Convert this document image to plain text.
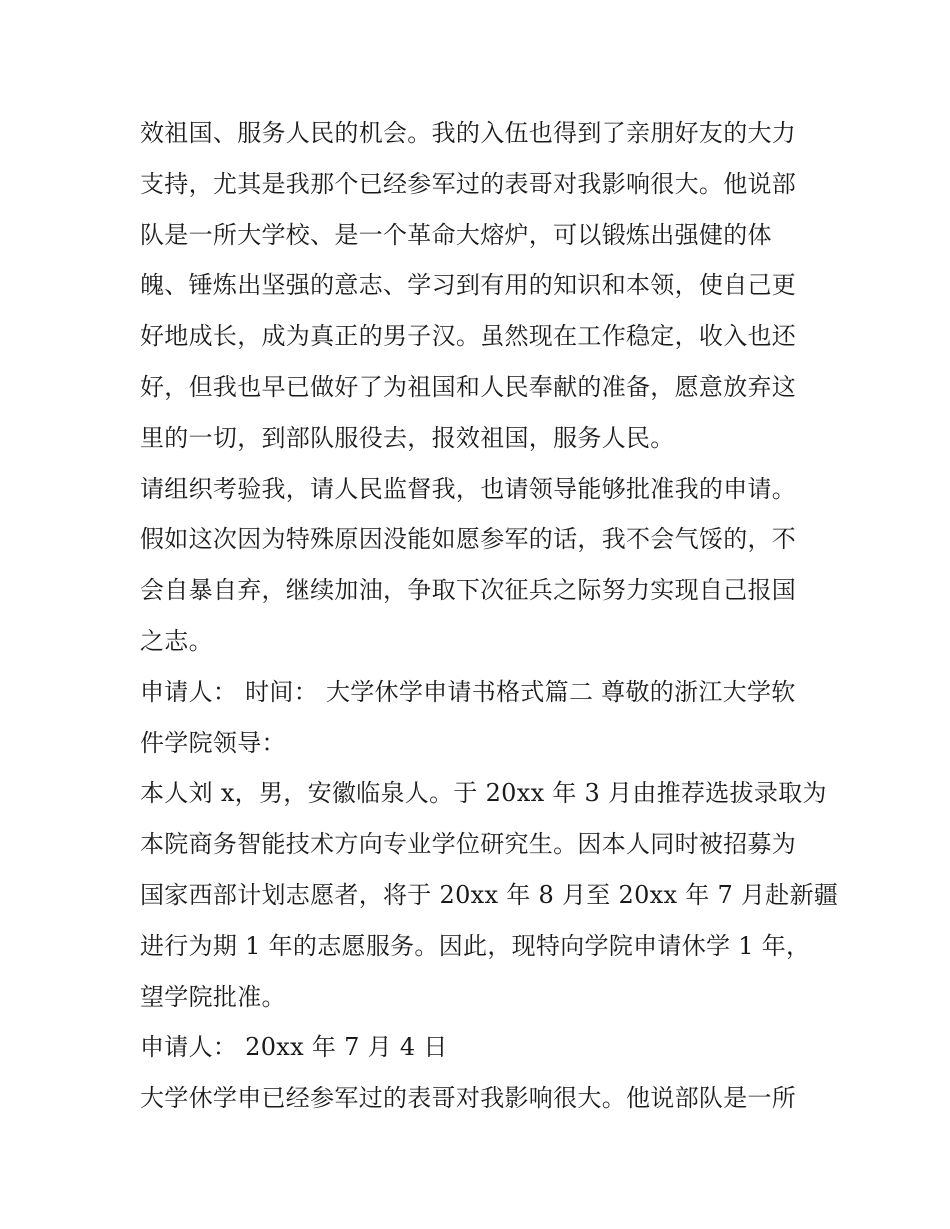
效祖国、服务人民的机会。我的入伍也得到了亲朋好友的大力
支持，尤其是我那个已经参军过的表哥对我影响很大。他说部
队是一所大学校、是一个革命大熔炉，可以锻炼出强健的体
魄、锤炼出坚强的意志、学习到有用的知识和本领，使自己更
好地成长，成为真正的男子汉。虽然现在工作稳定，收入也还
好，但我也早已做好了为祖国和人民奉献的准备，愿意放弃这
里的一切，到部队服役去，报效祖国，服务人民。
请组织考验我，请人民监督我，也请领导能够批准我的申请。
假如这次因为特殊原因没能如愿参军的话，我不会气馁的，不
会自暴自弃，继续加油，争取下次征兵之际努力实现自己报国
之志。
申请人： 时间： 大学休学申请书格式篇二 尊敬的浙江大学软
件学院领导：
本人刘 x，男，安徽临泉人。于 20xx 年 3 月由推荐选拔录取为
本院商务智能技术方向专业学位研究生。因本人同时被招募为
国家西部计划志愿者，将于 20xx 年 8 月至 20xx 年 7 月赴新疆
进行为期 1 年的志愿服务。因此，现特向学院申请休学 1 年，
望学院批准。
申请人： 20xx 年 7 月 4 日
大学休学申已经参军过的表哥对我影响很大。他说部队是一所
